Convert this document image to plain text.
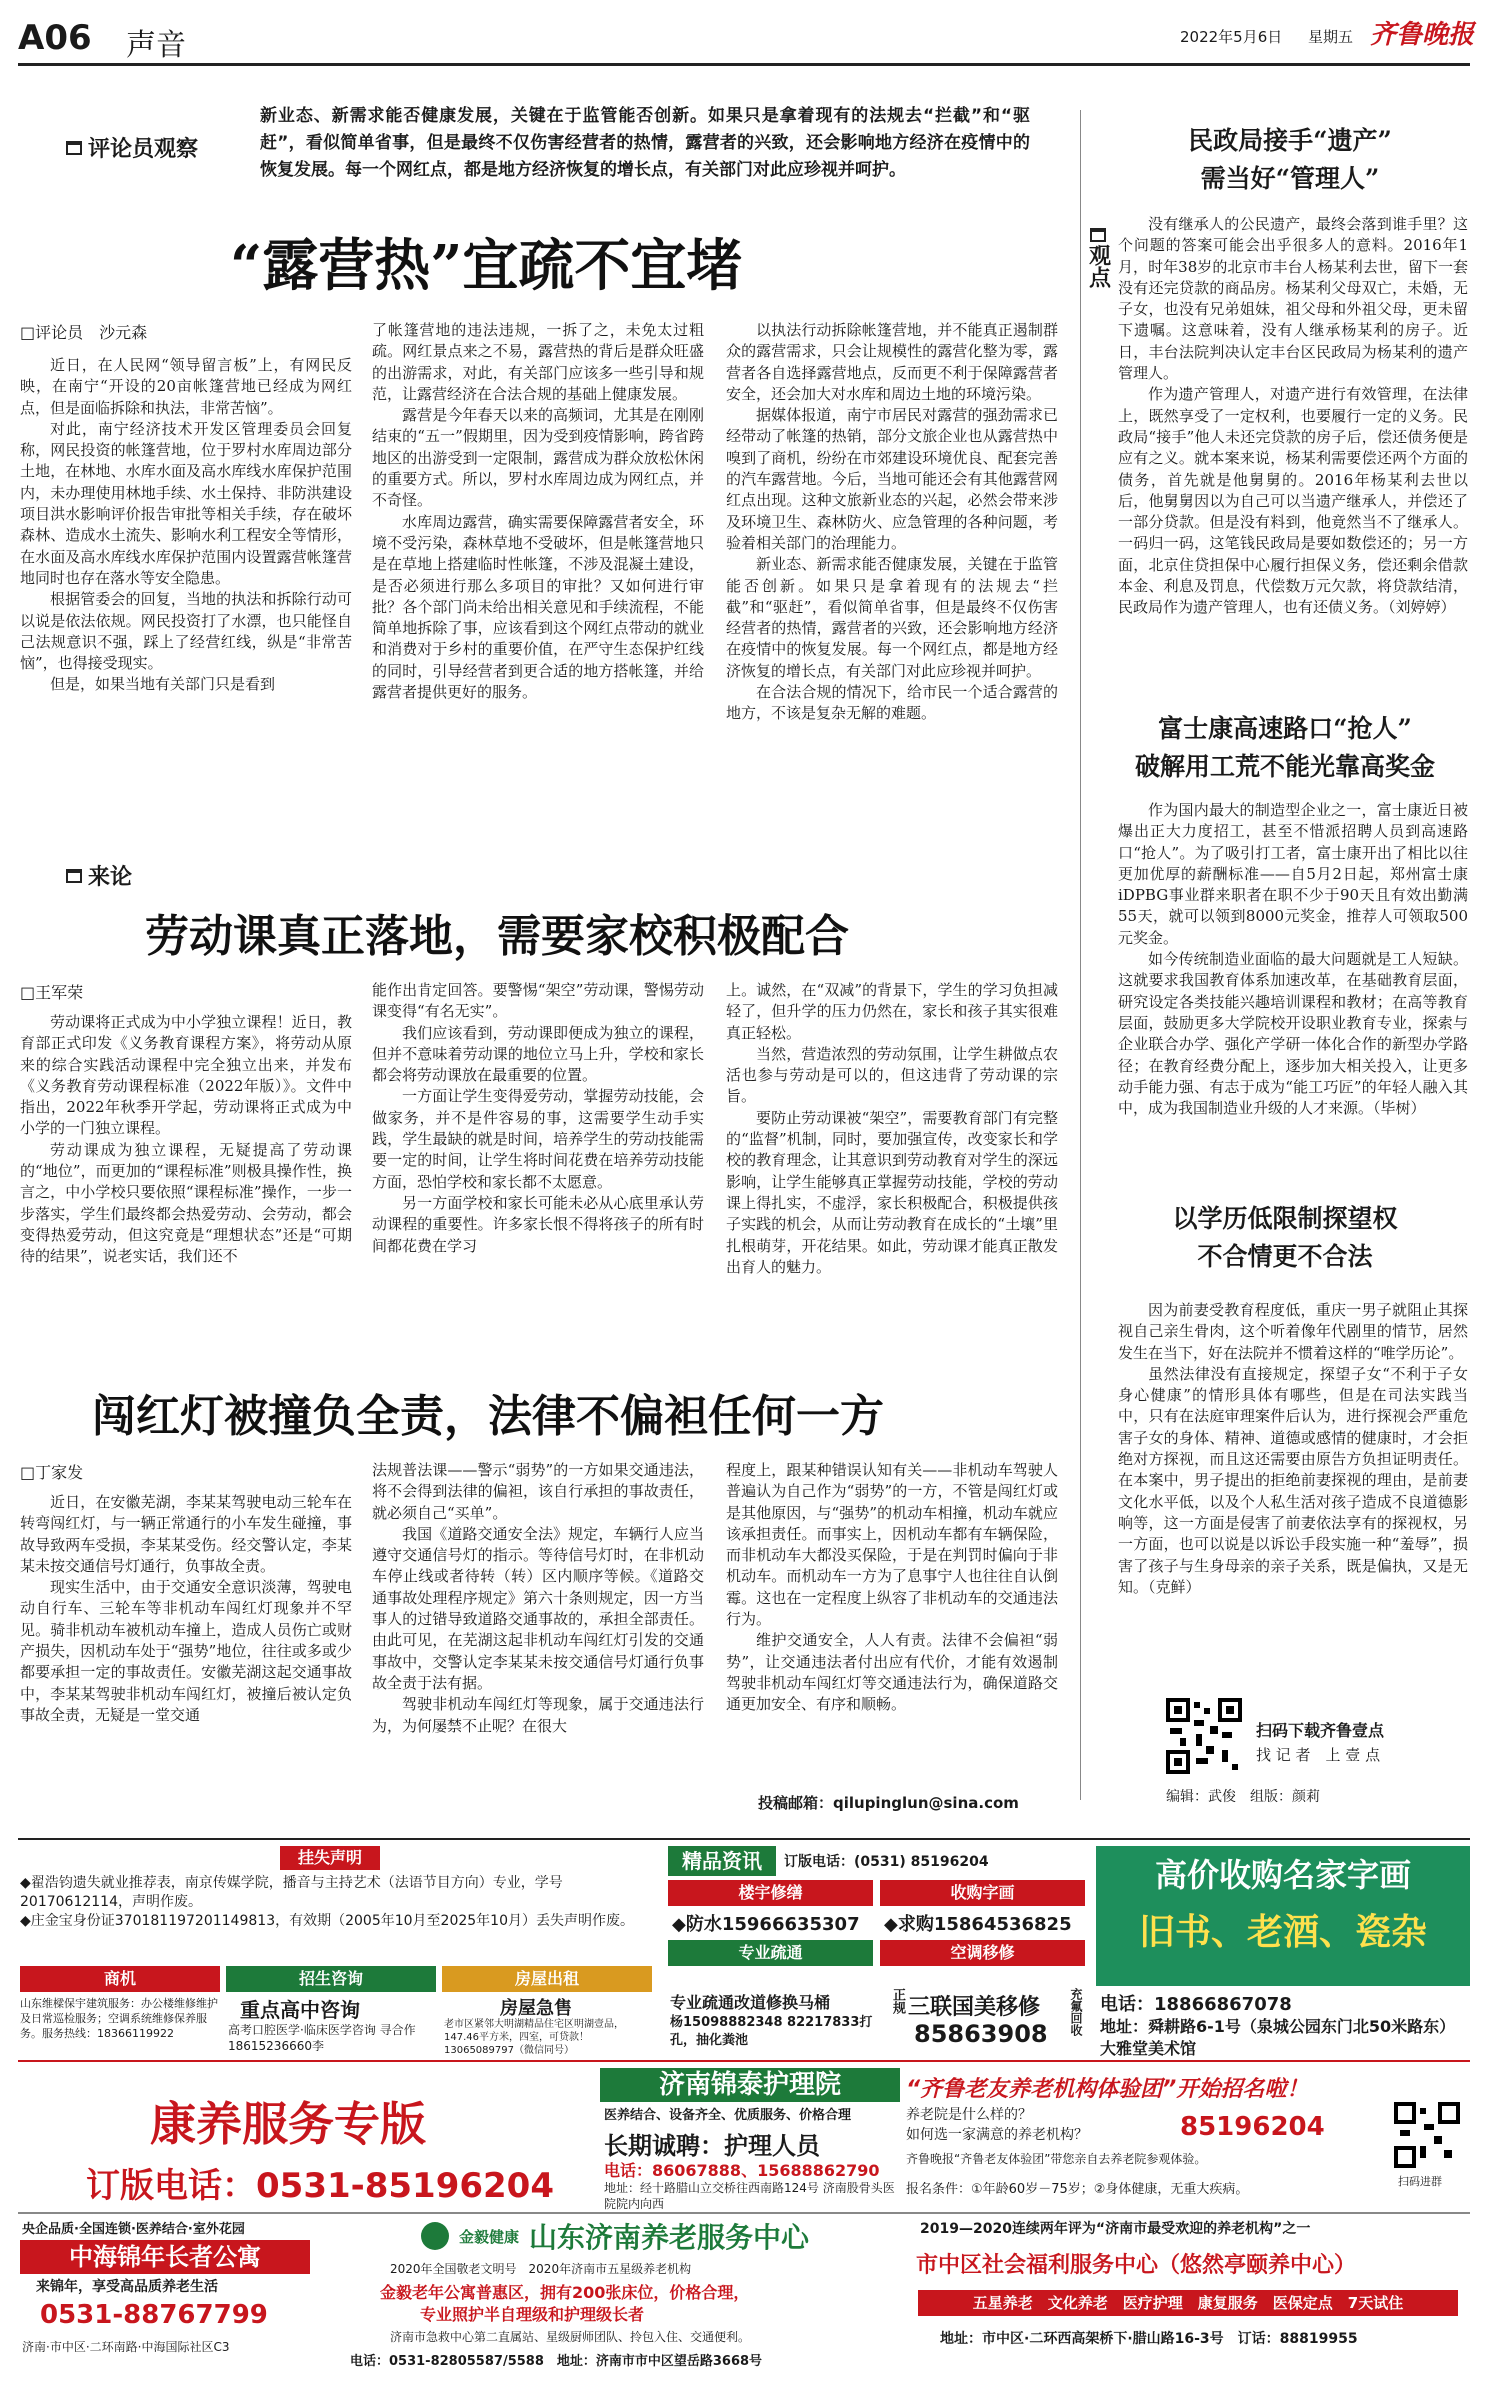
A06 声音	2022年5月6日 星期五 齐鲁晚报
评论员观察
新业态、新需求能否健康发展，关键在于监管能否创新。如果只是拿着现有的法规去“拦截”和“驱赶”，看似简单省事，但是最终不仅伤害经营者的热情，露营者的兴致，还会影响地方经济在疫情中的恢复发展。每一个网红点，都是地方经济恢复的增长点，有关部门对此应珍视并呵护。
“露营热”宜疏不宜堵
□评论员　沙元森

近日，在人民网“领导留言板”上，有网民反映，在南宁“开设的20亩帐篷营地已经成为网红点，但是面临拆除和执法，非常苦恼”。

对此，南宁经济技术开发区管理委员会回复称，网民投资的帐篷营地，位于罗村水库周边部分土地，在林地、水库水面及高水库线水库保护范围内，未办理使用林地手续、水土保持、非防洪建设项目洪水影响评价报告审批等相关手续，存在破坏森林、造成水土流失、影响水利工程安全等情形，在水面及高水库线水库保护范围内设置露营帐篷营地同时也存在落水等安全隐患。

根据管委会的回复，当地的执法和拆除行动可以说是依法依规。网民投资打了水漂，也只能怪自己法规意识不强，踩上了经营红线，纵是“非常苦恼”，也得接受现实。

但是，如果当地有关部门只是看到

了帐篷营地的违法违规，一拆了之，未免太过粗疏。网红景点来之不易，露营热的背后是群众旺盛的出游需求，对此，有关部门应该多一些引导和规范，让露营经济在合法合规的基础上健康发展。

露营是今年春天以来的高频词，尤其是在刚刚结束的“五一”假期里，因为受到疫情影响，跨省跨地区的出游受到一定限制，露营成为群众放松休闲的重要方式。所以，罗村水库周边成为网红点，并不奇怪。

水库周边露营，确实需要保障露营者安全，环境不受污染，森林草地不受破坏，但是帐篷营地只是在草地上搭建临时性帐篷，不涉及混凝土建设，是否必须进行那么多项目的审批？又如何进行审批？各个部门尚未给出相关意见和手续流程，不能简单地拆除了事，应该看到这个网红点带动的就业和消费对于乡村的重要价值，在严守生态保护红线的同时，引导经营者到更合适的地方搭帐篷，并给露营者提供更好的服务。

以执法行动拆除帐篷营地，并不能真正遏制群众的露营需求，只会让规模性的露营化整为零，露营者各自选择露营地点，反而更不利于保障露营者安全，还会加大对水库和周边土地的环境污染。

据媒体报道，南宁市居民对露营的强劲需求已经带动了帐篷的热销，部分文旅企业也从露营热中嗅到了商机，纷纷在市郊建设环境优良、配套完善的汽车露营地。今后，当地可能还会有其他露营网红点出现。这种文旅新业态的兴起，必然会带来涉及环境卫生、森林防火、应急管理的各种问题，考验着相关部门的治理能力。

新业态、新需求能否健康发展，关键在于监管能否创新。如果只是拿着现有的法规去“拦截”和“驱赶”，看似简单省事，但是最终不仅伤害经营者的热情，露营者的兴致，还会影响地方经济在疫情中的恢复发展。每一个网红点，都是地方经济恢复的增长点，有关部门对此应珍视并呵护。

在合法合规的情况下，给市民一个适合露营的地方，不该是复杂无解的难题。

来论
劳动课真正落地，需要家校积极配合
□王军荣

劳动课将正式成为中小学独立课程！近日，教育部正式印发《义务教育课程方案》，将劳动从原来的综合实践活动课程中完全独立出来，并发布《义务教育劳动课程标准（2022年版）》。文件中指出，2022年秋季开学起，劳动课将正式成为中小学的一门独立课程。

劳动课成为独立课程，无疑提高了劳动课的“地位”，而更加的“课程标准”则极具操作性，换言之，中小学校只要依照“课程标准”操作，一步一步落实，学生们最终都会热爱劳动、会劳动，都会变得热爱劳动，但这究竟是“理想状态”还是“可期待的结果”，说老实话，我们还不

能作出肯定回答。要警惕“架空”劳动课，警惕劳动课变得“有名无实”。

我们应该看到，劳动课即便成为独立的课程，但并不意味着劳动课的地位立马上升，学校和家长都会将劳动课放在最重要的位置。

一方面让学生变得爱劳动，掌握劳动技能，会做家务，并不是件容易的事，这需要学生动手实践，学生最缺的就是时间，培养学生的劳动技能需要一定的时间，让学生将时间花费在培养劳动技能方面，恐怕学校和家长都不太愿意。

另一方面学校和家长可能未必从心底里承认劳动课程的重要性。许多家长恨不得将孩子的所有时间都花费在学习

上。诚然，在“双减”的背景下，学生的学习负担减轻了，但升学的压力仍然在，家长和孩子其实很难真正轻松。

当然，营造浓烈的劳动氛围，让学生耕做点农活也参与劳动是可以的，但这违背了劳动课的宗旨。

要防止劳动课被“架空”，需要教育部门有完整的“监督”机制，同时，要加强宣传，改变家长和学校的教育理念，让其意识到劳动教育对学生的深远影响，让学生能够真正掌握劳动技能，学校的劳动课上得扎实，不虚浮，家长积极配合，积极提供孩子实践的机会，从而让劳动教育在成长的“土壤”里扎根萌芽，开花结果。如此，劳动课才能真正散发出育人的魅力。

闯红灯被撞负全责，法律不偏袒任何一方
□丁家发

近日，在安徽芜湖，李某某驾驶电动三轮车在转弯闯红灯，与一辆正常通行的小车发生碰撞，事故导致两车受损，李某某受伤。经交警认定，李某某未按交通信号灯通行，负事故全责。

现实生活中，由于交通安全意识淡薄，驾驶电动自行车、三轮车等非机动车闯红灯现象并不罕见。骑非机动车被机动车撞上，造成人员伤亡或财产损失，因机动车处于“强势”地位，往往或多或少都要承担一定的事故责任。安徽芜湖这起交通事故中，李某某驾驶非机动车闯红灯，被撞后被认定负事故全责，无疑是一堂交通

法规普法课——警示“弱势”的一方如果交通违法，将不会得到法律的偏袒，该自行承担的事故责任，就必须自己“买单”。

我国《道路交通安全法》规定，车辆行人应当遵守交通信号灯的指示。等待信号灯时，在非机动车停止线或者待转（转）区内顺序等候。《道路交通事故处理程序规定》第六十条则规定，因一方当事人的过错导致道路交通事故的，承担全部责任。由此可见，在芜湖这起非机动车闯红灯引发的交通事故中，交警认定李某某未按交通信号灯通行负事故全责于法有据。

驾驶非机动车闯红灯等现象，属于交通违法行为，为何屡禁不止呢？在很大

程度上，跟某种错误认知有关——非机动车驾驶人普遍认为自己作为“弱势”的一方，不管是闯红灯或是其他原因，与“强势”的机动车相撞，机动车就应该承担责任。而事实上，因机动车都有车辆保险，而非机动车大都没买保险，于是在判罚时偏向于非机动车。而机动车一方为了息事宁人也往往自认倒霉。这也在一定程度上纵容了非机动车的交通违法行为。

维护交通安全，人人有责。法律不会偏袒“弱势”，让交通违法者付出应有代价，才能有效遏制驾驶非机动车闯红灯等交通违法行为，确保道路交通更加安全、有序和顺畅。

投稿邮箱：qilupinglun@sina.com
观点
民政局接手“遗产”
需当好“管理人”

没有继承人的公民遗产，最终会落到谁手里？这个问题的答案可能会出乎很多人的意料。2016年1月，时年38岁的北京市丰台人杨某利去世，留下一套没有还完贷款的商品房。杨某利父母双亡，未婚，无子女，也没有兄弟姐妹，祖父母和外祖父母，更未留下遗嘱。这意味着，没有人继承杨某利的房子。近日，丰台法院判决认定丰台区民政局为杨某利的遗产管理人。

作为遗产管理人，对遗产进行有效管理，在法律上，既然享受了一定权利，也要履行一定的义务。民政局“接手”他人未还完贷款的房子后，偿还债务便是应有之义。就本案来说，杨某利需要偿还两个方面的债务，首先就是他舅舅的。2016年杨某利去世以后，他舅舅因以为自己可以当遗产继承人，并偿还了一部分贷款。但是没有料到，他竟然当不了继承人。一码归一码，这笔钱民政局是要如数偿还的；另一方面，北京住贷担保中心履行担保义务，偿还剩余借款本金、利息及罚息，代偿数万元欠款，将贷款结清，民政局作为遗产管理人，也有还债义务。（刘婷婷）

富士康高速路口“抢人”
破解用工荒不能光靠高奖金

作为国内最大的制造型企业之一，富士康近日被爆出正大力度招工，甚至不惜派招聘人员到高速路口“抢人”。为了吸引打工者，富士康开出了相比以往更加优厚的薪酬标准——自5月2日起，郑州富士康iDPBG事业群来职者在职不少于90天且有效出勤满55天，就可以领到8000元奖金，推荐人可领取500元奖金。

如今传统制造业面临的最大问题就是工人短缺。这就要求我国教育体系加速改革，在基础教育层面，研究设定各类技能兴趣培训课程和教材；在高等教育层面，鼓励更多大学院校开设职业教育专业，探索与企业联合办学、强化产学研一体化合作的新型办学路径；在教育经费分配上，逐步加大相关投入，让更多动手能力强、有志于成为“能工巧匠”的年轻人融入其中，成为我国制造业升级的人才来源。（毕树）

以学历低限制探望权
不合情更不合法

因为前妻受教育程度低，重庆一男子就阻止其探视自己亲生骨肉，这个听着像年代剧里的情节，居然发生在当下，好在法院并不惯着这样的“唯学历论”。

虽然法律没有直接规定，探望子女“不利于子女身心健康”的情形具体有哪些，但是在司法实践当中，只有在法庭审理案件后认为，进行探视会严重危害子女的身体、精神、道德或感情的健康时，才会拒绝对方探视，而且这还需要由原告方负担证明责任。在本案中，男子提出的拒绝前妻探视的理由，是前妻文化水平低，以及个人私生活对孩子造成不良道德影响等，这一方面是侵害了前妻依法享有的探视权，另一方面，也可以说是以诉讼手段实施一种“羞辱”，损害了孩子与生身母亲的亲子关系，既是偏执，又是无知。（克鲜）

扫码下载齐鲁壹点
找 记 者　上 壹 点
编辑：武俊　组版：颜莉
挂失声明
◆翟浩钧遗失就业推荐表，南京传媒学院，播音与主持艺术（法语节目方向）专业，学号20170612114，声明作废。
◆庄金宝身份证370181197201149813，有效期（2005年10月至2025年10月）丢失声明作废。
精品资讯	订版电话：(0531) 85196204
楼宇修缮
◆防水15966635307
收购字画
◆求购15864536825
高价收购名家字画
旧书、老酒、瓷杂
电话：18866867078
地址：舜耕路6-1号（泉城公园东门北50米路东）大雅堂美术馆
商机
山东维樑保宇建筑服务：办公楼维修维护及日常巡检服务；空调系统维修保养服务。服务热线：18366119922
招生咨询
重点高中咨询
高考口腔医学·临床医学咨询 寻合作18615236660李
房屋出租
房屋急售
老市区紧邻大明湖精品住宅区明湖壹品，147.46平方米，四室，可贷款！13065089797（微信同号）
专业疏通
专业疏通改道修换马桶
杨15098882348 82217833打孔，抽化粪池
空调移修
正规 三联国美移修
85863908 充氟回收
康养服务专版
订版电话：0531-85196204
济南锦泰护理院
医养结合、设备齐全、优质服务、价格合理
长期诚聘：护理人员
电话：86067888、15688862790
地址：经十路腊山立交桥往西南路124号 济南股骨头医院院内向西
“齐鲁老友养老机构体验团”开始招名啦！
养老院是什么样的？
如何选一家满意的养老机构？	85196204
齐鲁晚报“齐鲁老友体验团”带您亲自去养老院参观体验。
报名条件：①年龄60岁－75岁；②身体健康，无重大疾病。
扫码进群
央企品质·全国连锁·医养结合·室外花园
中海锦年长者公寓
来锦年，享受高品质养老生活
0531-88767799
济南·市中区·二环南路·中海国际社区C3
金毅健康 山东济南养老服务中心
2020年全国敬老文明号　2020年济南市五星级养老机构
金毅老年公寓普惠区，拥有200张床位，价格合理，
专业照护半自理级和护理级长者
济南市急救中心第二直属站、星级厨师团队、拎包入住、交通便利。
电话：0531-82805587/5588　地址：济南市市中区望岳路3668号
2019—2020连续两年评为“济南市最受欢迎的养老机构”之一
市中区社会福利服务中心（悠然亭颐养中心）
五星养老　文化养老　医疗护理　康复服务　医保定点　7天试住
地址：市中区·二环西高架桥下·腊山路16-3号　订话：88819955
